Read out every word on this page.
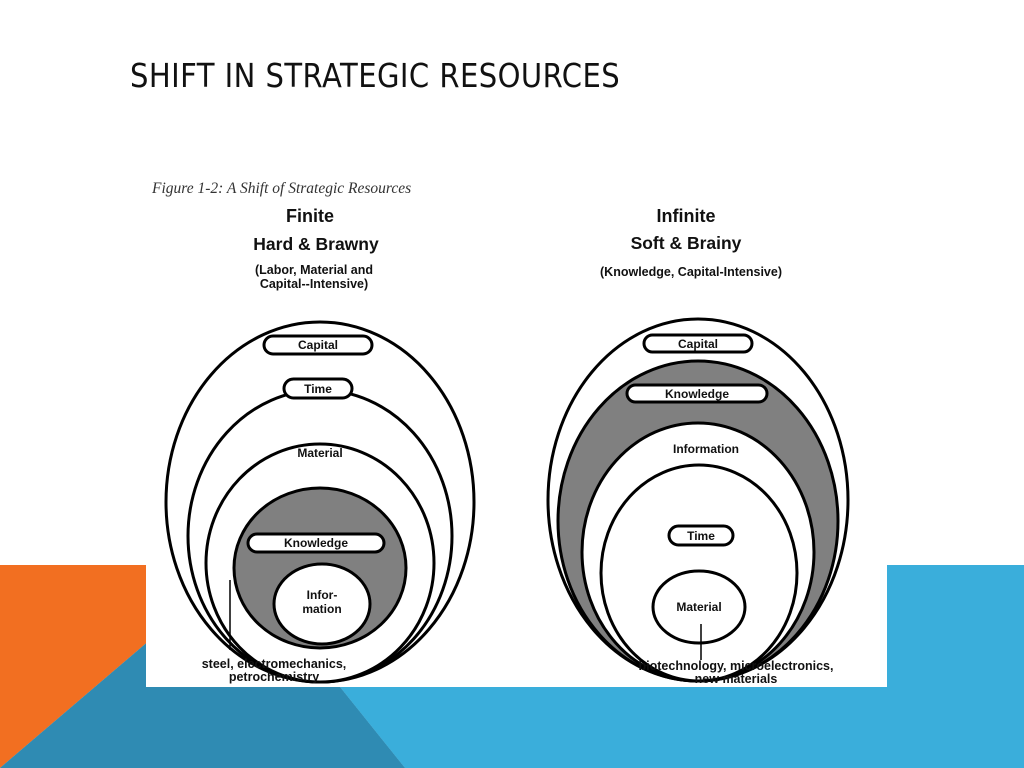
SHIFT IN STRATEGIC RESOURCES
Figure 1-2: A Shift of Strategic Resources
Finite
Hard & Brawny
(Labor, Material and
Capital--Intensive)
Infinite
Soft & Brainy
(Knowledge, Capital-Intensive)
Capital
Time
Material
Knowledge
Infor-
mation
Capital
Knowledge
Information
Time
Material
steel, electromechanics,
petrochemistry
biotechnology, microelectronics,
new materials
